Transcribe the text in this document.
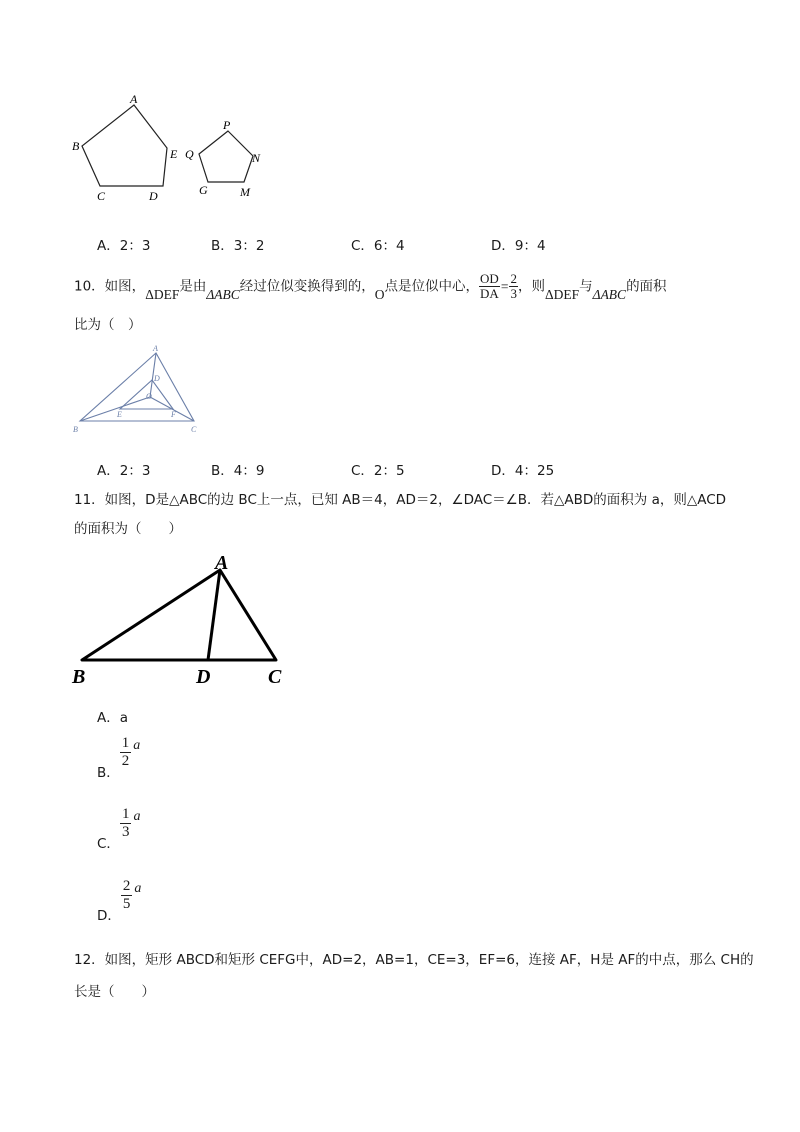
A
B
C	D
E
P
Q	N
G	M
A．2：3	B．3：2	C．6：4	D．9：4
10．如图，ΔDEF是由ΔABC经过位似变换得到的，O点是位似中心， $\frac{OD}{DA} = \frac{2}{3}$ ，则ΔDEF与ΔABC的面积
比为（　）
A
B	C
D
E	F
O
A．2：3	B．4：9	C．2：5	D．4：25
11．如图，D是△ABC的边 BC上一点，已知 AB＝4，AD＝2，∠DAC＝∠B．若△ABD的面积为 a，则△ACD
的面积为（　　）
A
B	D	C
A．a
B．
$\frac{1}{2}$ a
C．
$\frac{1}{3}$ a
D．
$\frac{2}{5}$ a
12．如图，矩形 ABCD和矩形 CEFG中，AD=2，AB=1，CE=3，EF=6，连接 AF，H是 AF的中点，那么 CH的
长是（　　）
